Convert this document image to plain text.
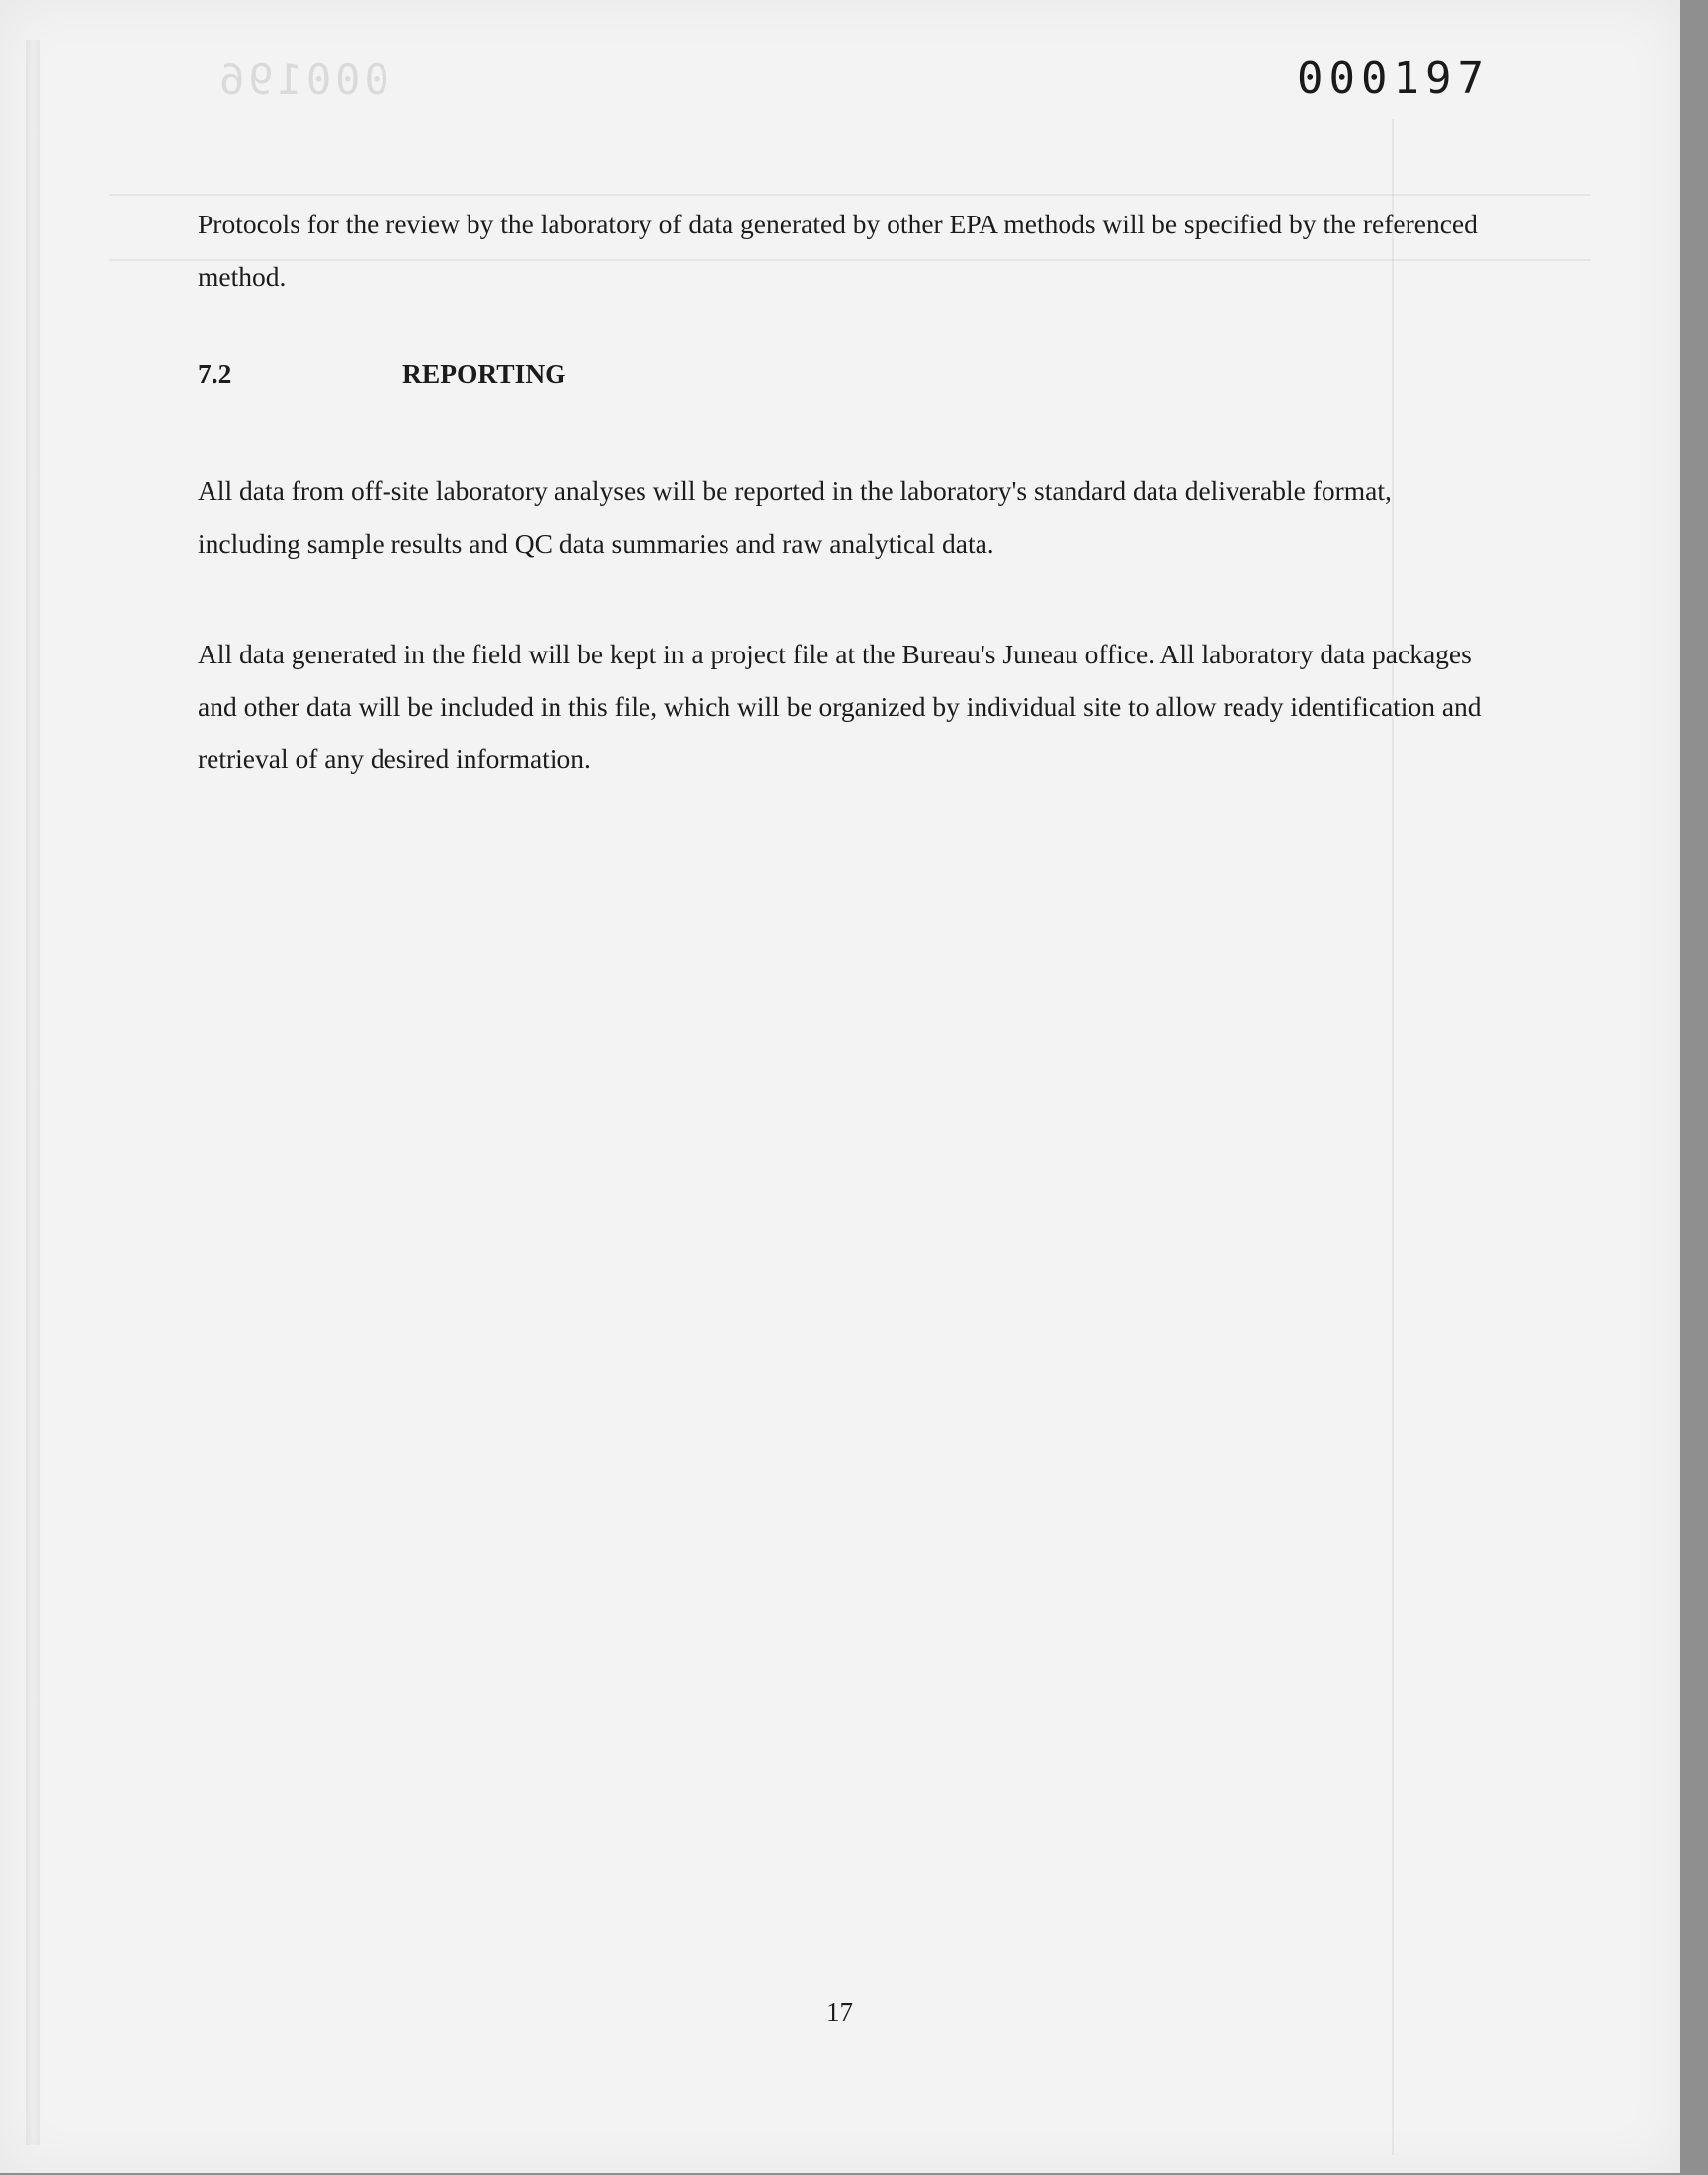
000196	000197
Protocols for the review by the laboratory of data generated by other EPA methods will be specified by the referenced method.
7.2	REPORTING
All data from off-site laboratory analyses will be reported in the laboratory's standard data deliverable format, including sample results and QC data summaries and raw analytical data.
All data generated in the field will be kept in a project file at the Bureau's Juneau office. All laboratory data packages and other data will be included in this file, which will be organized by individual site to allow ready identification and retrieval of any desired information.
17
